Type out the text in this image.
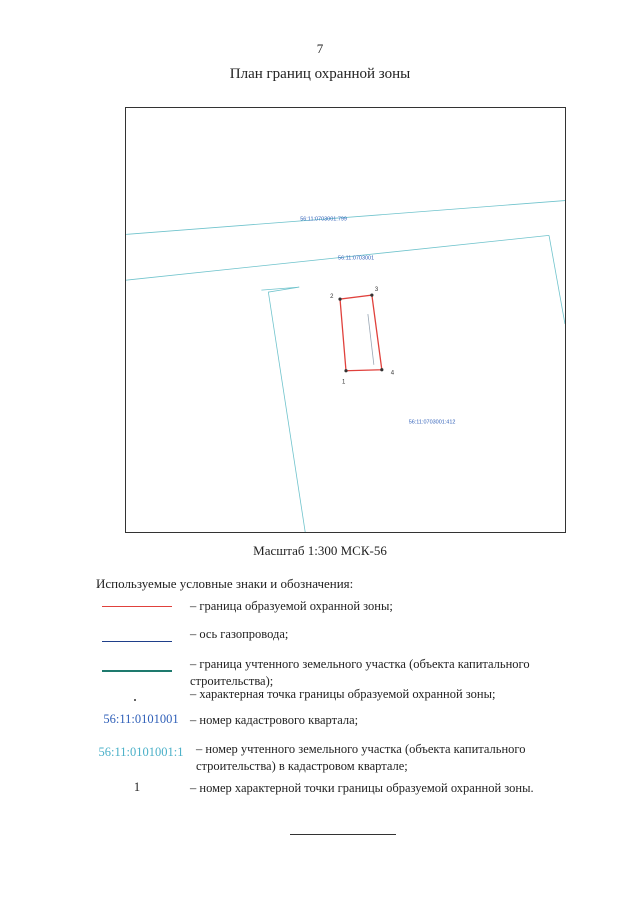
7
План границ охранной зоны
1
2
3
4
56:11:0703001:799
56:11:0703001
56:11:0703001:412
Масштаб 1:300 МСК-56
Используемые условные знаки и обозначения:
– граница образуемой охранной зоны;
– ось газопровода;
– граница учтенного земельного участка (объекта капитального строительства);
– характерная точка границы образуемой охранной зоны;
56:11:0101001 – номер кадастрового квартала;
56:11:0101001:1	– номер учтенного земельного участка (объекта капитального строительства) в кадастровом квартале;
1	– номер характерной точки границы образуемой охранной зоны.
